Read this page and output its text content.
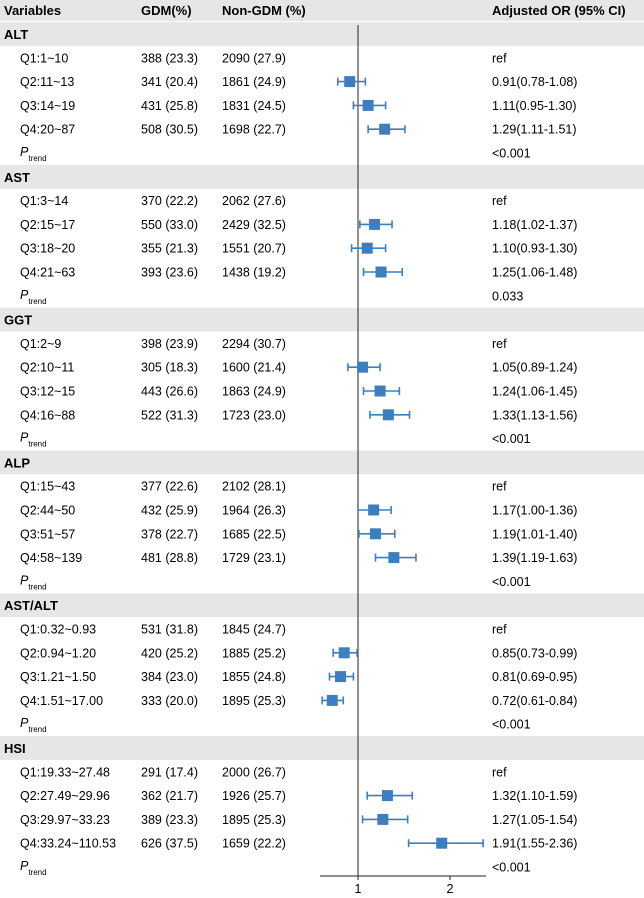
Variables	GDM(%) Non-GDM (%)	Adjusted OR (95% CI)
ALT
Q1:1~10	388 (23.3) 2090 (27.9)	ref
Q2:11~13	341 (20.4) 1861 (24.9)	0.91(0.78-1.08)
Q3:14~19	431 (25.8) 1831 (24.5)	1.11(0.95-1.30)
Q4:20~87	508 (30.5) 1698 (22.7)	1.29(1.11-1.51)
$P_{trend}$	<0.001
AST
Q1:3~14	370 (22.2) 2062 (27.6)	ref
Q2:15~17	550 (33.0) 2429 (32.5)	1.18(1.02-1.37)
Q3:18~20	355 (21.3) 1551 (20.7)	1.10(0.93-1.30)
Q4:21~63	393 (23.6) 1438 (19.2)	1.25(1.06-1.48)
$P_{trend}$	0.033
GGT
Q1:2~9	398 (23.9) 2294 (30.7)	ref
Q2:10~11	305 (18.3) 1600 (21.4)	1.05(0.89-1.24)
Q3:12~15	443 (26.6) 1863 (24.9)	1.24(1.06-1.45)
Q4:16~88	522 (31.3) 1723 (23.0)	1.33(1.13-1.56)
$P_{trend}$	<0.001
ALP
Q1:15~43	377 (22.6) 2102 (28.1)	ref
Q2:44~50	432 (25.9) 1964 (26.3)	1.17(1.00-1.36)
Q3:51~57	378 (22.7) 1685 (22.5)	1.19(1.01-1.40)
Q4:58~139	481 (28.8) 1729 (23.1)	1.39(1.19-1.63)
$P_{trend}$	<0.001
AST/ALT
Q1:0.32~0.93	531 (31.8) 1845 (24.7)	ref
Q2:0.94~1.20	420 (25.2) 1885 (25.2)	0.85(0.73-0.99)
Q3:1.21~1.50	384 (23.0) 1855 (24.8)	0.81(0.69-0.95)
Q4:1.51~17.00	333 (20.0) 1895 (25.3)	0.72(0.61-0.84)
$P_{trend}$	<0.001
HSI
Q1:19.33~27.48 291 (17.4) 2000 (26.7)	ref
Q2:27.49~29.96 362 (21.7) 1926 (25.7)	1.32(1.10-1.59)
Q3:29.97~33.23 389 (23.3) 1895 (25.3)	1.27(1.05-1.54)
Q4:33.24~110.53 626 (37.5) 1659 (22.2)	1.91(1.55-2.36)
$P_{trend}$	<0.001
1	2
